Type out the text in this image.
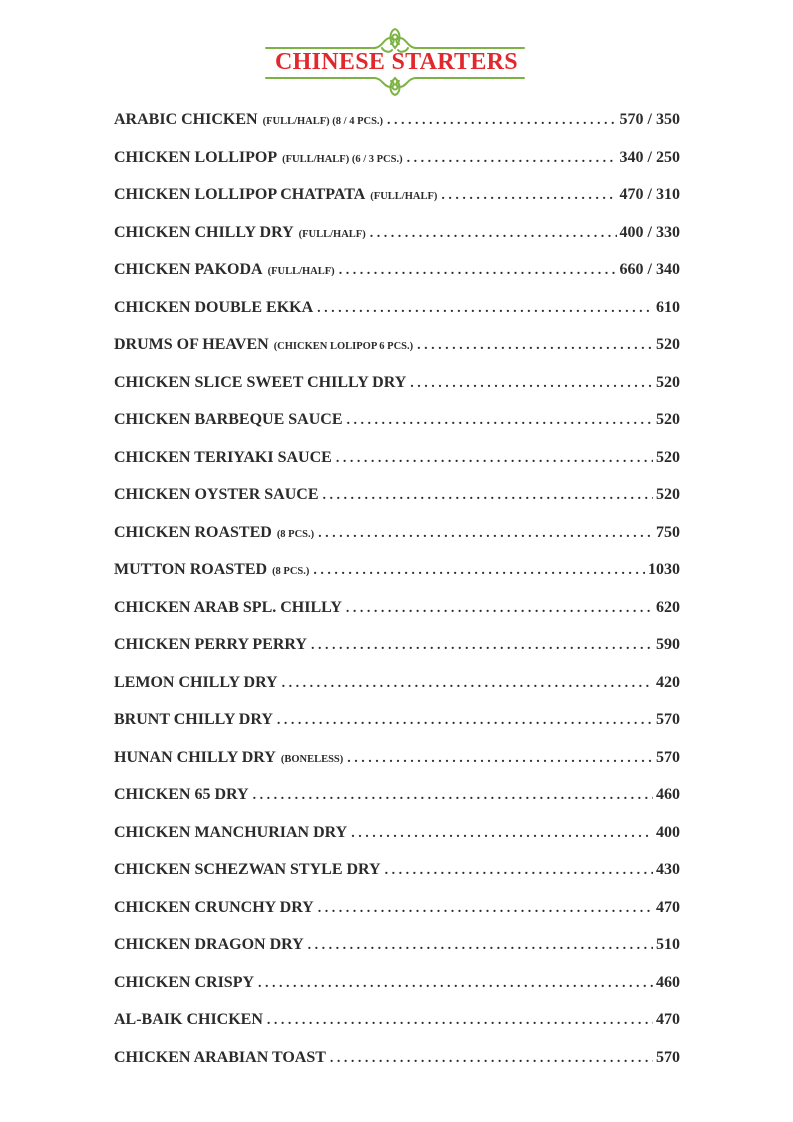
CHINESE STARTERS
ARABIC CHICKEN (FULL/HALF) (8 / 4 PCS.) . . .	570 / 350
CHICKEN LOLLIPOP (FULL/HALF) (6 / 3 PCS.) . . .	340 / 250
CHICKEN LOLLIPOP CHATPATA (FULL/HALF) . . .	470 / 310
CHICKEN CHILLY DRY (FULL/HALF) . . .	400 / 330
CHICKEN PAKODA (FULL/HALF) . . .	660 / 340
CHICKEN DOUBLE EKKA . . .	610
DRUMS OF HEAVEN (CHICKEN LOLIPOP 6 PCS.) . . .	520
CHICKEN SLICE SWEET CHILLY DRY . . .	520
CHICKEN BARBEQUE SAUCE . . .	520
CHICKEN TERIYAKI SAUCE . . .	520
CHICKEN OYSTER SAUCE . . .	520
CHICKEN ROASTED (8 PCS.) . . .	750
MUTTON ROASTED (8 PCS.) . . .	1030
CHICKEN ARAB SPL. CHILLY . . .	620
CHICKEN PERRY PERRY . . .	590
LEMON CHILLY DRY . . .	420
BRUNT CHILLY DRY . . .	570
HUNAN CHILLY DRY (BONELESS) . . .	570
CHICKEN 65 DRY . . .	460
CHICKEN MANCHURIAN DRY . . .	400
CHICKEN SCHEZWAN STYLE DRY . . .	430
CHICKEN CRUNCHY DRY . . .	470
CHICKEN DRAGON DRY . . .	510
CHICKEN CRISPY . . .	460
AL-BAIK CHICKEN . . .	470
CHICKEN ARABIAN TOAST . . .	570
